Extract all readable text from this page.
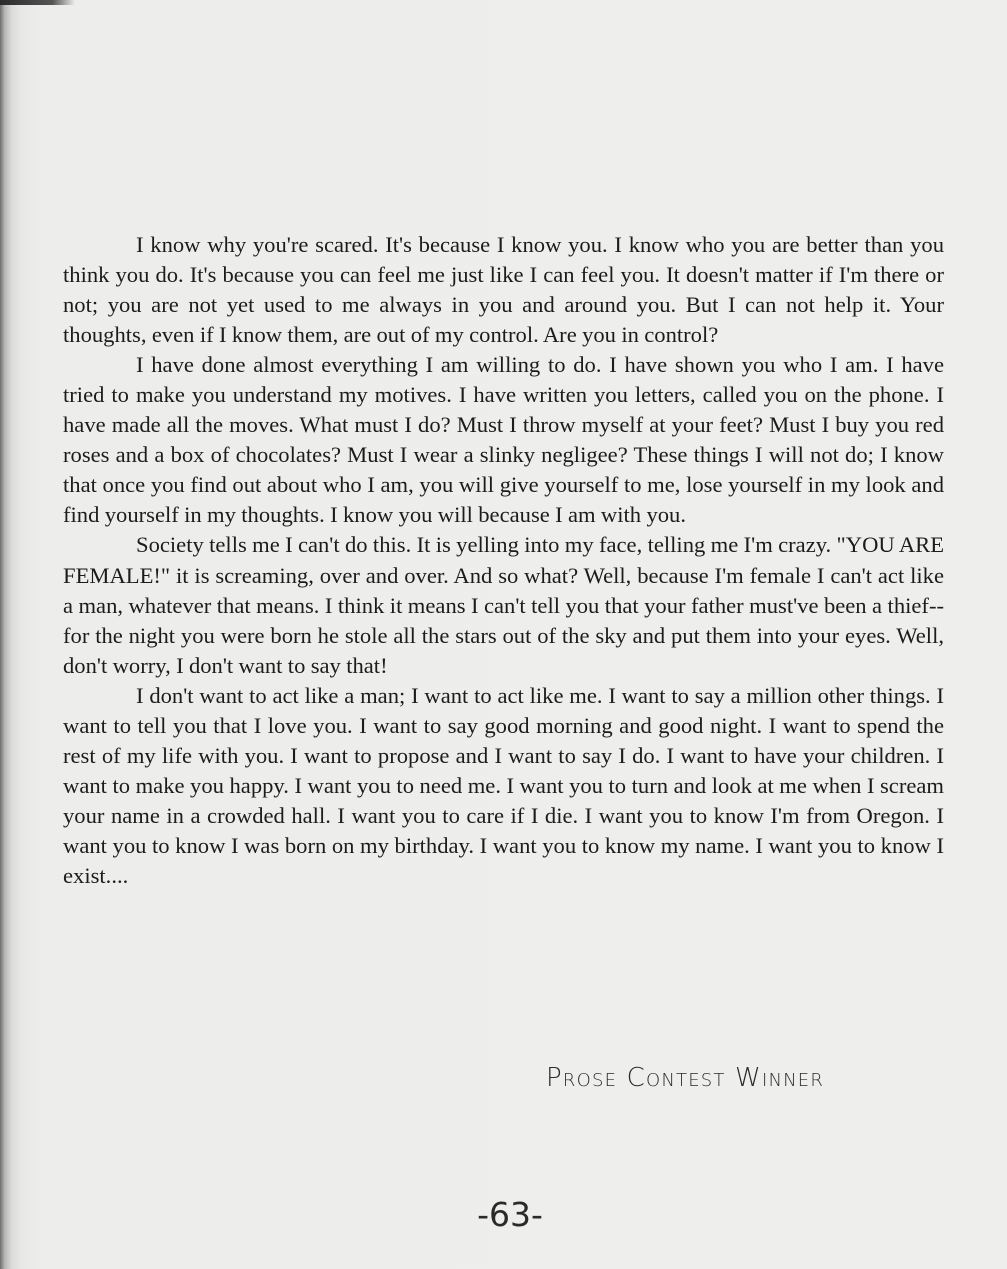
I know why you're scared. It's because I know you. I know who you are better than you think you do. It's because you can feel me just like I can feel you. It doesn't matter if I'm there or not; you are not yet used to me always in you and around you. But I can not help it. Your thoughts, even if I know them, are out of my control. Are you in control?

I have done almost everything I am willing to do. I have shown you who I am. I have tried to make you understand my motives. I have written you letters, called you on the phone. I have made all the moves. What must I do? Must I throw myself at your feet? Must I buy you red roses and a box of chocolates? Must I wear a slinky negligee? These things I will not do; I know that once you find out about who I am, you will give yourself to me, lose yourself in my look and find yourself in my thoughts. I know you will because I am with you.

Society tells me I can't do this. It is yelling into my face, telling me I'm crazy. "YOU ARE FEMALE!" it is screaming, over and over. And so what? Well, because I'm female I can't act like a man, whatever that means. I think it means I can't tell you that your father must've been a thief-- for the night you were born he stole all the stars out of the sky and put them into your eyes. Well, don't worry, I don't want to say that!

I don't want to act like a man; I want to act like me. I want to say a million other things. I want to tell you that I love you. I want to say good morning and good night. I want to spend the rest of my life with you. I want to propose and I want to say I do. I want to have your children. I want to make you happy. I want you to need me. I want you to turn and look at me when I scream your name in a crowded hall. I want you to care if I die. I want you to know I'm from Oregon. I want you to know I was born on my birthday. I want you to know my name. I want you to know I exist....

Prose Contest Winner
-63-
